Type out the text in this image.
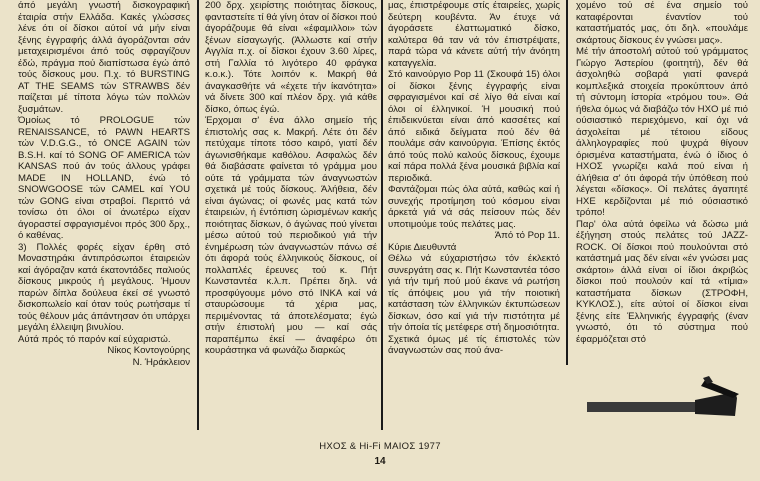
άπό μεγάλη γνωστή δισκογραφική έταιρία στήν Ελλάδα. Κακές γλώσσες λένε ότι οί δίσκοι αύτοί νά μήν είναι ξένης έγγραφής άλλά άγοράζονται σάν μεταχειρισμένοι άπό τούς σφραγίζουν έδώ, πράγμα πού διαπίστωσα έγώ άπό τούς δίσκους μου. Π.χ. τό BURSTING AT THE SEAMS τών STRAWBS δέν παίζεται μέ τίποτα λόγω τών πολλών ξυσμάτων.

Όμοίως τό PROLOGUE τών RENAISSANCE, τό PAWN HEARTS τών V.D.G.G., τό ONCE AGAIN τών B.S.H. καί τό SONG OF AMERICA τών KANSAS πού άν τούς άλλους γράφει MADE IN HOLLAND, ένώ τό SNOWGOOSE τών CAMEL καί YOU τών GONG είναι στραβοί. Περιττό νά τονίσω ότι όλοι οί άνωτέρω είχαν άγοραστεί σφραγισμένοι πρός 300 δρχ., ό καθένας.

3) Πολλές φορές είχαν έρθη στό Μοναστηράκι άντιπρόσωποι έταιρειών καί άγόραζαν κατά έκατοντάδες παλιούς δίσκους μικρούς ή μεγάλους. Ήμουν παρών δίπλα δούλευα έκεί σέ γνωστό δισκοπωλείο καί όταν τούς ρωτήσαμε τί τούς θέλουν μάς άπάντησαν ότι υπάρχει μεγάλη έλλειψη βινυλίου.

Αύτά πρός τό παρόν καί εύχαριστώ.

Νίκος Κοντογούρης

Ν. Ήράκλειον

200 δρχ. χειρίστης ποιότητας δίσκους, φανταστείτε τί θά γίνη όταν οί δίσκοι πού άγοράζουμε θά είναι «έφαμιλλοι» τών ξένων είσαγωγής. (Άλλωστε καί στήν Αγγλία π.χ. οί δίσκοι έχουν 3.60 λίρες, στή Γαλλία τό λιγότερο 40 φράγκα κ.ο.κ.). Τότε λοιπόν κ. Μακρή θά άναγκασθήτε νά «έχετε τήν ίκανότητα» νά δίνετε 300 καί πλέον δρχ. γιά κάθε δίσκο, όπως έγώ.

Έρχομαι σ' ένα άλλο σημείο τής έπιστολής σας κ. Μακρή. Λέτε ότι δέν πετύχαμε τίποτε τόσο καιρό, γιατί δέν άγωνισθήκαμε καθόλου. Ασφαλώς δέν θά διαβάσατε φαίνεται τό γράμμα μου ούτε τά γράμματα τών άναγνωστών σχετικά μέ τούς δίσκους. Άλήθεια, δέν είναι άγώνας; οί φωνές μας κατά τών έταιρειών, ή έντόπιση ώρισμένων κακής ποιότητας δίσκων, ό άγώνας πού γίνεται μέσω αύτού τού περιοδικού γιά τήν ένημέρωση τών άναγνωστών πάνω σέ ότι άφορά τούς έλληνικούς δίσκους, οί πολλαπλές έρευνες τού κ. Πήτ Κωνσταντέα κ.λ.π. Πρέπει δηλ. νά προσφύγουμε μόνο στό ΙΝΚΑ καί νά σταυρώσουμε τά χέρια μας, περιμένοντας τά άποτελέσματα; έγώ στήν έπιστολή μου — καί σάς παραπέμπω έκεί — άναφέρω ότι κουράστηκα νά φωνάζω διαρκώς

μας, έπιστρέφουμε στίς έταιρείες, χωρίς δεύτερη κουβέντα. Άν έτυχε νά άγοράσετε έλαττωματικό δίσκο, καλύτερα θά ταν νά τόν έπιστρέψατε, παρά τώρα νά κάνετε αύτή τήν άνόητη καταγγελία.

Στό καινούργιο Pop 11 (Σκουφά 15) όλοι οί δίσκοι ξένης έγγραφής είναι σφραγισμένοι καί σέ λίγο θά είναι καί όλοι οί έλληνικοί. Ή μουσική πού έπιδεικνύεται είναι άπό κασσέτες καί άπό ειδικά δείγματα πού δέν θά πουλάμε σάν καινούργια. Έπίσης έκτός άπό τούς πολύ καλούς δίσκους, έχουμε καί πάρα πολλά ξένα μουσικά βιβλία καί περιοδικά.

Φαντάζομαι πώς όλα αύτά, καθώς καί ή συνεχής προτίμηση τού κόσμου είναι άρκετά γιά νά σάς πείσουν πώς δέν υποτιμούμε τούς πελάτες μας.

Άπό τό Pop 11.

Κύριε Διευθυντά

Θέλω νά εύχαριστήσω τόν έκλεκτό συνεργάτη σας κ. Πήτ Κωνσταντέα τόσο γιά τήν τιμή πού μού έκανε νά ρωτήση τίς άπόψεις μου γιά τήν ποιοτική κατάσταση τών έλληνικών έκτυπώσεων δίσκων, όσο καί γιά τήν πιστότητα μέ τήν όποία τίς μετέφερε στή δημοσιότητα.

Σχετικά όμως μέ τίς έπιστολές τών άναγνωστών σας πού άνα-

χομένο τού σέ ένα σημείο τού καταφέρονται έναντίον τού καταστήματός μας, ότι δηλ. «πουλάμε σκάρτους δίσκους έν γνώσει μας».

Μέ τήν άποστολή αύτού τού γράμματος Γιώργο Άστερίου (φοιτητή), δέν θά άσχοληθώ σοβαρά γιατί φανερά κομπλεξικά στοιχεία προκύπτουν άπό τή σύντομη ίστορία «τρόμου του». Θά ήθελα όμως νά διαβάζω τόν ΗΧΟ μέ πιό ούσιαστικό περιεχόμενο, καί όχι νά άσχολείται μέ τέτοιου είδους άλληλογραφίες πού ψυχρά θίγουν όρισμένα καταστήματα, ένώ ό ίδιος ό ΗΧΟΣ γνωρίζει καλά πού είναι ή άλήθεια σ' ότι άφορά τήν ύπόθεση πού λέγεται «δίσκος». Οί πελάτες άγαπητέ ΗΧΕ κερδίζονται μέ πιό ούσιαστικό τρόπο!

Παρ' όλα αύτά όφείλω νά δώσω μιά έξήγηση στούς πελάτες τού JAZZ-ROCK. Οί δίσκοι πού πουλούνται στό κατάστημά μας δέν είναι «έν γνώσει μας σκάρτοι» άλλά είναι οί ίδιοι άκριβώς δίσκοι πού πουλούν καί τά «τίμια» καταστήματα δίσκων (ΣΤΡΟΦΗ, ΚΥΚΛΟΣ.), είτε αύτοί οί δίσκοι είναι ξένης είτε Έλληνικής έγγραφής (έναν γνωστό, ότι τό σύστημα πού έφαρμόζεται στό

ΗΧΟΣ & Hi-Fi ΜΑΙΟΣ 1977
14
